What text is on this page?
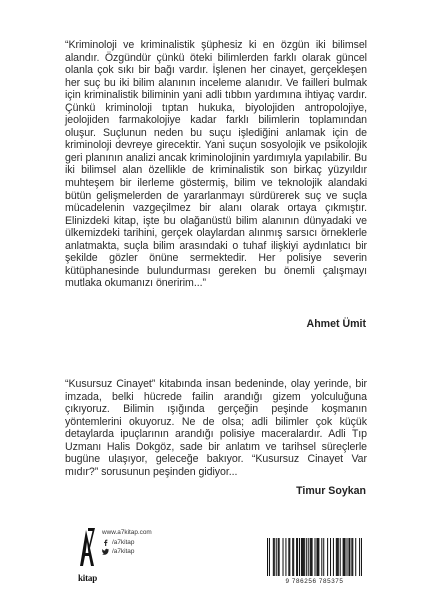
“Kriminoloji ve kriminalistik şüphesiz ki en özgün iki bilimsel alandır. Özgündür çünkü öteki bilimlerden farklı olarak güncel olanla çok sıkı bir bağı vardır. İşlenen her cinayet, gerçekleşen her suç bu iki bilim alanının inceleme alanıdır. Ve failleri bulmak için kriminalistik biliminin yani adli tıbbın yardımına ihtiyaç vardır. Çünkü kriminoloji tıptan hukuka, biyolojiden antropolojiye, jeolojiden farmakolojiye kadar farklı bilimlerin toplamından oluşur. Suçlunun neden bu suçu işlediğini anlamak için de kriminoloji devreye girecektir. Yani suçun sosyolojik ve psikolojik geri planının analizi ancak kriminolojinin yardımıyla yapılabilir. Bu iki bilimsel alan özellikle de kriminalistik son birkaç yüzyıldır muhteşem bir ilerleme göstermiş, bilim ve teknolojik alandaki bütün gelişmelerden de yararlanmayı sürdürerek suç ve suçla mücadelenin vazgeçilmez bir alanı olarak ortaya çıkmıştır. Elinizdeki kitap, işte bu olağanüstü bilim alanının dünyadaki ve ülkemizdeki tarihini, gerçek olaylardan alınmış sarsıcı örneklerle anlatmakta, suçla bilim arasındaki o tuhaf ilişkiyi aydınlatıcı bir şekilde gözler önüne sermektedir. Her polisiye severin kütüphanesinde bulundurması gereken bu önemli çalışmayı mutlaka okumanızı öneririm...”

Ahmet Ümit

“Kusursuz Cinayet” kitabında insan bedeninde, olay yerinde, bir imzada, belki hücrede failin arandığı gizem yolculuğuna çıkıyoruz. Bilimin ışığında gerçeğin peşinde koşmanın yöntemlerini okuyoruz. Ne de olsa; adli bilimler çok küçük detaylarda ipuçlarının arandığı polisiye maceralardır. Adli Tıp Uzmanı Halis Dokgöz, sade bir anlatım ve tarihsel süreçlerle bugüne ulaşıyor, geleceğe bakıyor. “Kusursuz Cinayet Var mıdır?” sorusunun peşinden gidiyor...

Timur Soykan

kitap
www.a7kitap.com
/a7kitap
/a7kitap
9 786256 785375
